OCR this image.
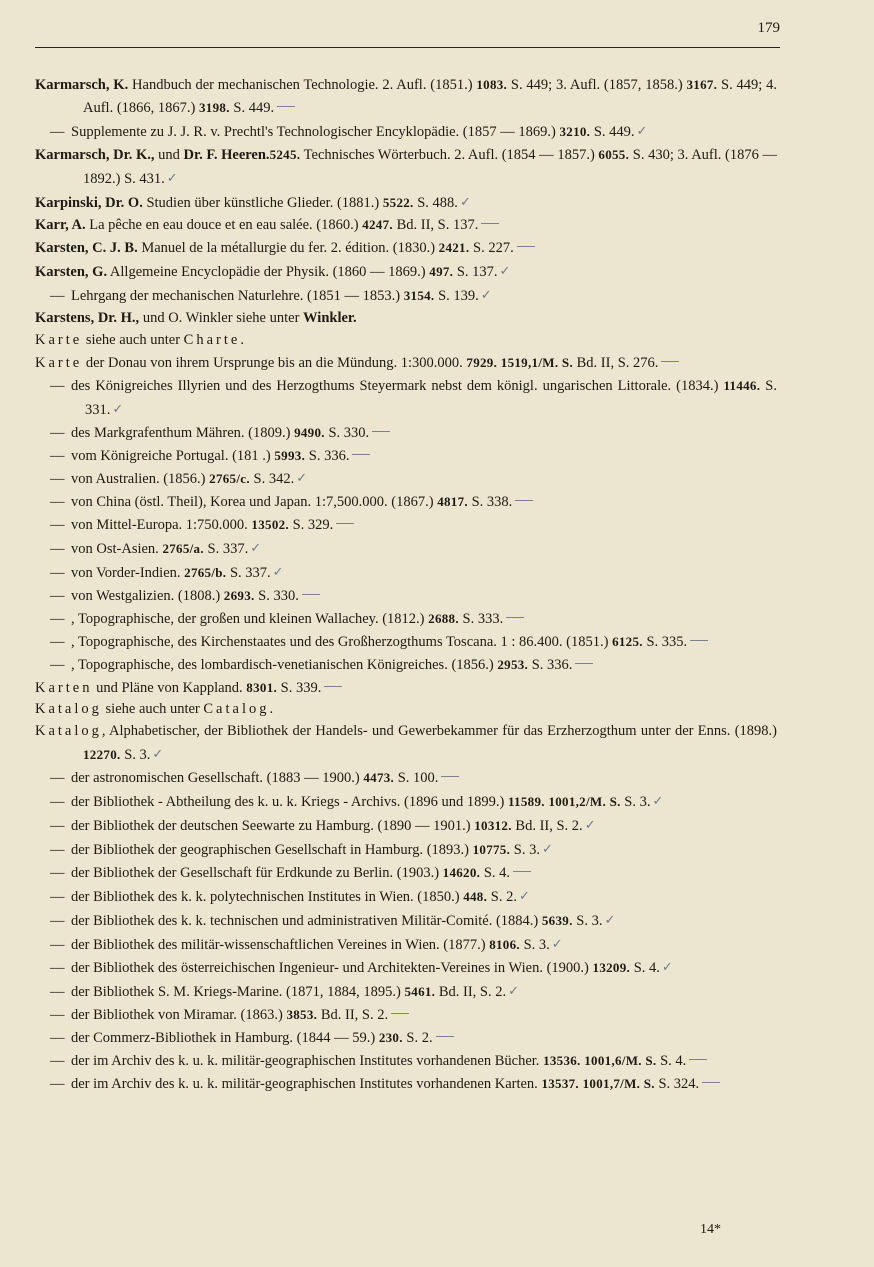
179
Karmarsch, K. Handbuch der mechanischen Technologie. 2. Aufl. (1851.) 1083. S. 449; 3. Aufl. (1857, 1858.) 3167. S. 449; 4. Aufl. (1866, 1867.) 3198. S. 449.
— Supplemente zu J. J. R. v. Prechtl's Technologischer Encyklopädie. (1857 — 1869.) 3210. S. 449. ✓
Karmarsch, Dr. K., und Dr. F. Heeren.5245. Technisches Wörterbuch. 2. Aufl. (1854 — 1857.) 6055. S. 430; 3. Aufl. (1876 — 1892.) S. 431. ✓
Karpinski, Dr. O. Studien über künstliche Glieder. (1881.) 5522. S. 488. ✓
Karr, A. La pêche en eau douce et en eau salée. (1860.) 4247. Bd. II, S. 137.
Karsten, C. J. B. Manuel de la métallurgie du fer. 2. édition. (1830.) 2421. S. 227.
Karsten, G. Allgemeine Encyclopädie der Physik. (1860 — 1869.) 497. S. 137. ✓
— Lehrgang der mechanischen Naturlehre. (1851 — 1853.) 3154. S. 139. ✓
Karstens, Dr. H., und O. Winkler siehe unter Winkler.
Karte siehe auch unter Charte.
Karte der Donau von ihrem Ursprunge bis an die Mündung. 1:300.000. 7929. 1519,1/M. S. Bd. II, S. 276.
— des Königreiches Illyrien und des Herzogthums Steyermark nebst dem königl. ungarischen Littorale. (1834.) 11446. S. 331. ✓
— des Markgrafenthum Mähren. (1809.) 9490. S. 330.
— vom Königreiche Portugal. (181 .) 5993. S. 336.
— von Australien. (1856.) 2765/c. S. 342. ✓
— von China (östl. Theil), Korea und Japan. 1:7,500.000. (1867.) 4817. S. 338.
— von Mittel-Europa. 1:750.000. 13502. S. 329.
— von Ost-Asien. 2765/a. S. 337. ✓
— von Vorder-Indien. 2765/b. S. 337. ✓
— von Westgalizien. (1808.) 2693. S. 330.
— , Topographische, der großen und kleinen Wallachey. (1812.) 2688. S. 333.
— , Topographische, des Kirchenstaates und des Großherzogthums Toscana. 1 : 86.400. (1851.) 6125. S. 335.
— , Topographische, des lombardisch-venetianischen Königreiches. (1856.) 2953. S. 336.
Karten und Pläne von Kappland. 8301. S. 339.
Katalog siehe auch unter Catalog.
Katalog, Alphabetischer, der Bibliothek der Handels- und Gewerbekammer für das Erzherzogthum unter der Enns. (1898.) 12270. S. 3. ✓
— der astronomischen Gesellschaft. (1883 — 1900.) 4473. S. 100.
— der Bibliothek - Abtheilung des k. u. k. Kriegs - Archivs. (1896 und 1899.) 11589. 1001,2/M. S. S. 3. ✓
— der Bibliothek der deutschen Seewarte zu Hamburg. (1890 — 1901.) 10312. Bd. II, S. 2. ✓
— der Bibliothek der geographischen Gesellschaft in Hamburg. (1893.) 10775. S. 3. ✓
— der Bibliothek der Gesellschaft für Erdkunde zu Berlin. (1903.) 14620. S. 4.
— der Bibliothek des k. k. polytechnischen Institutes in Wien. (1850.) 448. S. 2. ✓
— der Bibliothek des k. k. technischen und administrativen Militär-Comité. (1884.) 5639. S. 3. ✓
— der Bibliothek des militär-wissenschaftlichen Vereines in Wien. (1877.) 8106. S. 3. ✓
— der Bibliothek des österreichischen Ingenieur- und Architekten-Vereines in Wien. (1900.) 13209. S. 4. ✓
— der Bibliothek S. M. Kriegs-Marine. (1871, 1884, 1895.) 5461. Bd. II, S. 2. ✓
— der Bibliothek von Miramar. (1863.) 3853. Bd. II, S. 2.
— der Commerz-Bibliothek in Hamburg. (1844 — 59.) 230. S. 2.
— der im Archiv des k. u. k. militär-geographischen Institutes vorhandenen Bücher. 13536. 1001,6/M. S. S. 4.
— der im Archiv des k. u. k. militär-geographischen Institutes vorhandenen Karten. 13537. 1001,7/M. S. S. 324.
14*
